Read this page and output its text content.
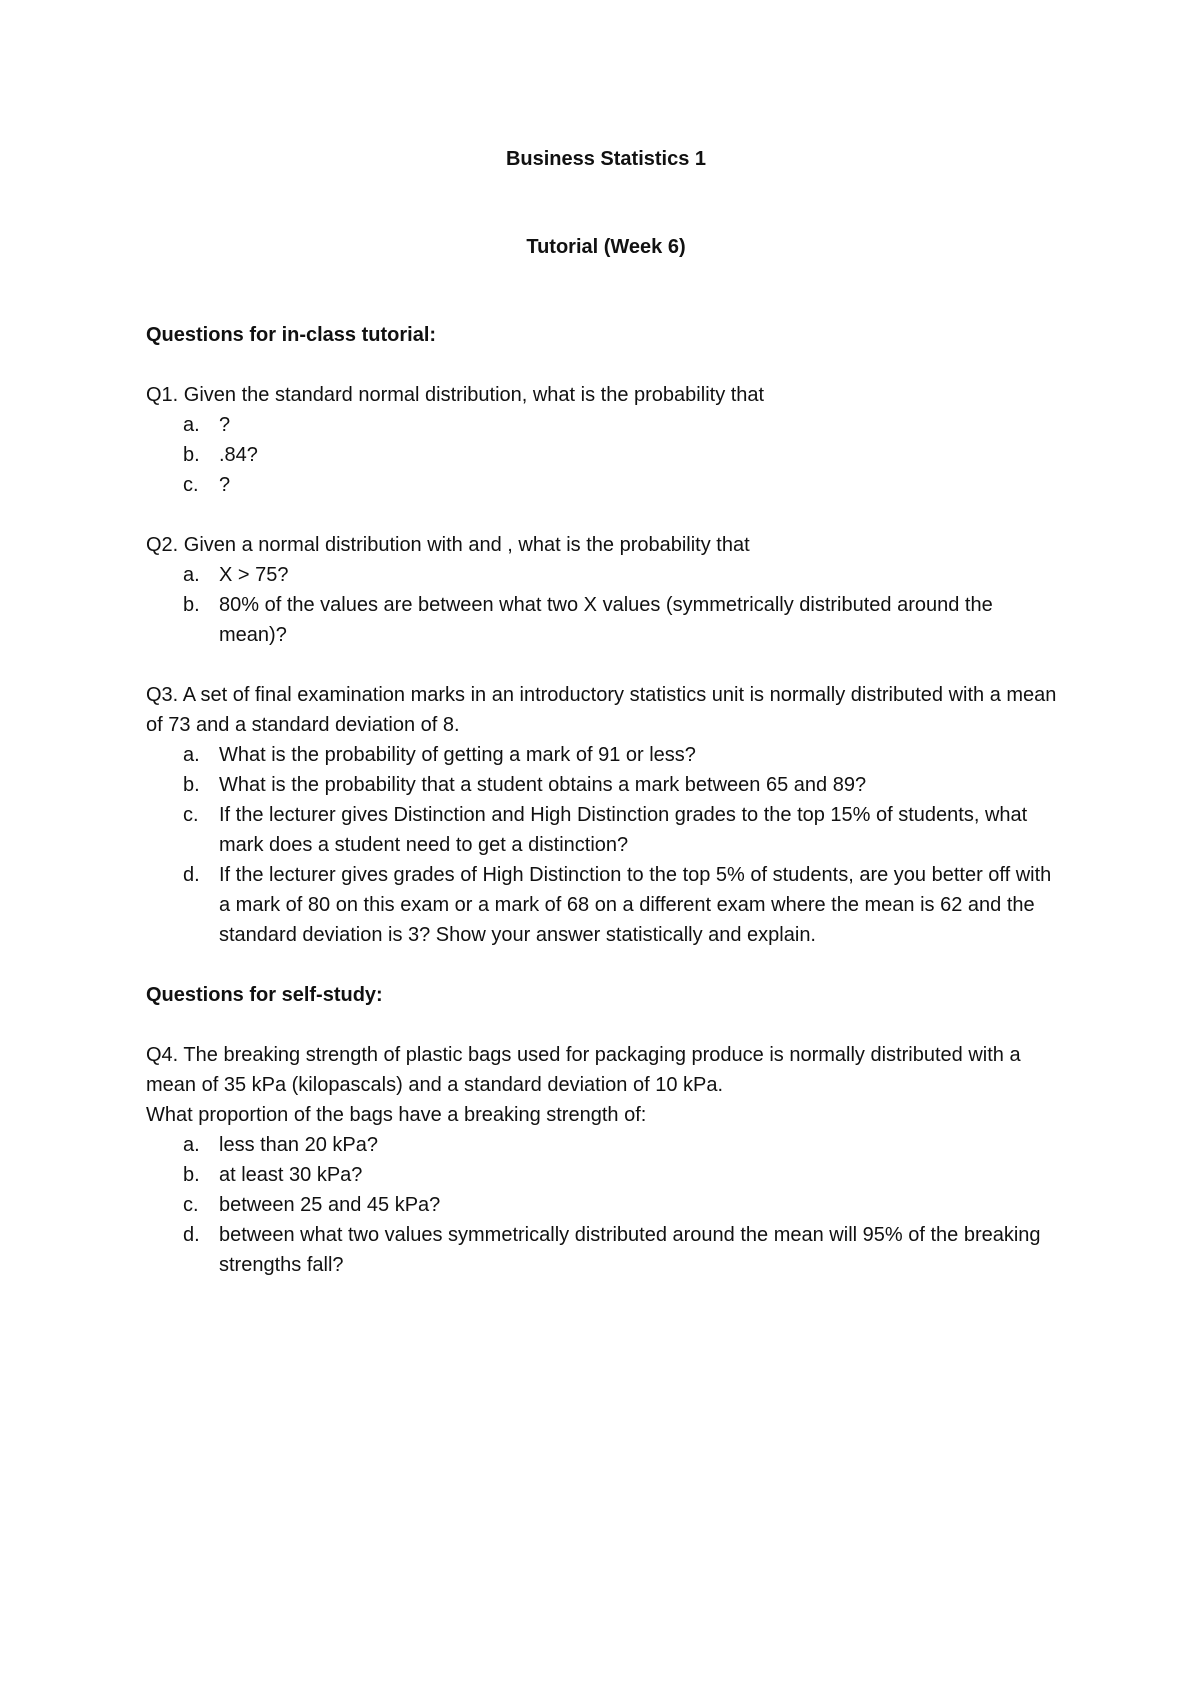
Business Statistics 1
Tutorial (Week 6)
Questions for in-class tutorial:

Q1. Given the standard normal distribution, what is the probability that

a. ?
b. .84?
c.	?

Q2. Given a normal distribution with and , what is the probability that

a. X > 75?
b. 80% of the values are between what two X values (symmetrically distributed around the mean)?

Q3. A set of final examination marks in an introductory statistics unit is normally distributed with a mean of 73 and a standard deviation of 8.

a. What is the probability of getting a mark of 91 or less?
b. What is the probability that a student obtains a mark between 65 and 89?
c.	If the lecturer gives Distinction and High Distinction grades to the top 15% of students, what mark does a student need to get a distinction?
d. If the lecturer gives grades of High Distinction to the top 5% of students, are you better off with a mark of 80 on this exam or a mark of 68 on a different exam where the mean is 62 and the standard deviation is 3? Show your answer statistically and explain.
Questions for self-study:

Q4. The breaking strength of plastic bags used for packaging produce is normally distributed with a mean of 35 kPa (kilopascals) and a standard deviation of 10 kPa.

What proportion of the bags have a breaking strength of:

a. less than 20 kPa?
b. at least 30 kPa?
c.	between 25 and 45 kPa?
d. between what two values symmetrically distributed around the mean will 95% of the breaking strengths fall?
